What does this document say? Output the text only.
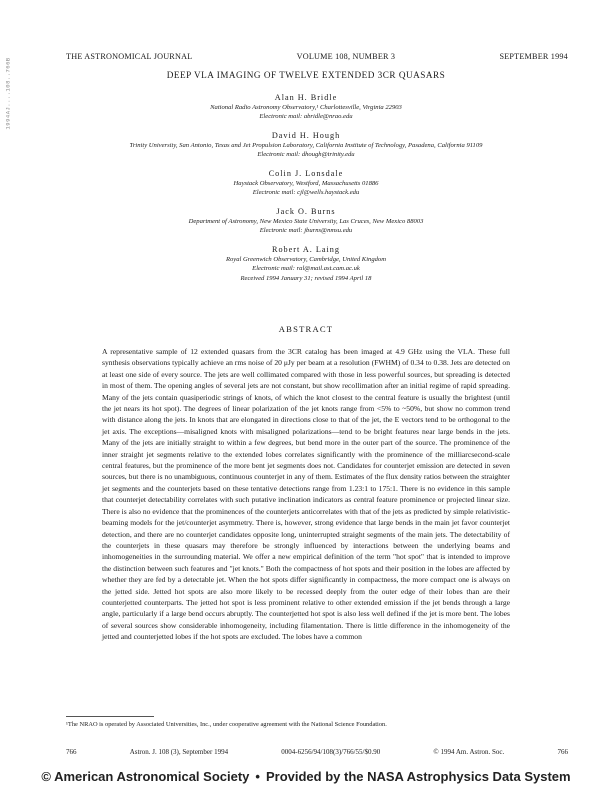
1994AJ....108..766B
THE ASTRONOMICAL JOURNAL	VOLUME 108, NUMBER 3	SEPTEMBER 1994
DEEP VLA IMAGING OF TWELVE EXTENDED 3CR QUASARS
Alan H. Bridle
National Radio Astronomy Observatory,¹ Charlottesville, Virginia 22903
Electronic mail: abridle@nrao.edu
David H. Hough
Trinity University, San Antonio, Texas and Jet Propulsion Laboratory, California Institute of Technology, Pasadena, California 91109
Electronic mail: dhough@trinity.edu
Colin J. Lonsdale
Haystack Observatory, Westford, Massachusetts 01886
Electronic mail: cjl@wells.haystack.edu
Jack O. Burns
Department of Astronomy, New Mexico State University, Las Cruces, New Mexico 88003
Electronic mail: jburns@nmsu.edu
Robert A. Laing
Royal Greenwich Observatory, Cambridge, United Kingdom
Electronic mail: ral@mail.ast.cam.ac.uk
Received 1994 January 31; revised 1994 April 18
ABSTRACT

A representative sample of 12 extended quasars from the 3CR catalog has been imaged at 4.9 GHz using the VLA. These full synthesis observations typically achieve an rms noise of 20 μJy per beam at a resolution (FWHM) of 0.34 to 0.38. Jets are detected on at least one side of every source. The jets are well collimated compared with those in less powerful sources, but spreading is detected in most of them. The opening angles of several jets are not constant, but show recollimation after an initial regime of rapid spreading. Many of the jets contain quasiperiodic strings of knots, of which the knot closest to the central feature is usually the brightest (until the jet nears its hot spot). The degrees of linear polarization of the jet knots range from <5% to ~50%, but show no common trend with distance along the jets. In knots that are elongated in directions close to that of the jet, the E vectors tend to be orthogonal to the jet axis. The exceptions—misaligned knots with misaligned polarizations—tend to be bright features near large bends in the jets. Many of the jets are initially straight to within a few degrees, but bend more in the outer part of the source. The prominence of the inner straight jet segments relative to the extended lobes correlates significantly with the prominence of the milliarcsecond-scale central features, but the prominence of the more bent jet segments does not. Candidates for counterjet emission are detected in seven sources, but there is no unambiguous, continuous counterjet in any of them. Estimates of the flux density ratios between the straighter jet segments and the counterjets based on these tentative detections range from 1.23:1 to 175:1. There is no evidence in this sample that counterjet detectability correlates with such putative inclination indicators as central feature prominence or projected linear size. There is also no evidence that the prominences of the counterjets anticorrelates with that of the jets as predicted by simple relativistic-beaming models for the jet/counterjet asymmetry. There is, however, strong evidence that large bends in the main jet favor counterjet detection, and there are no counterjet candidates opposite long, uninterrupted straight segments of the main jets. The detectability of the counterjets in these quasars may therefore be strongly influenced by interactions between the underlying beams and inhomogeneities in the surrounding material. We offer a new empirical definition of the term "hot spot" that is intended to improve the distinction between such features and "jet knots." Both the compactness of hot spots and their position in the lobes are affected by whether they are fed by a detectable jet. When the hot spots differ significantly in compactness, the more compact one is always on the jetted side. Jetted hot spots are also more likely to be recessed deeply from the outer edge of their lobes than are their counterjetted counterparts. The jetted hot spot is less prominent relative to other extended emission if the jet bends through a large angle, particularly if a large bend occurs abruptly. The counterjetted hot spot is also less well defined if the jet is more bent. The lobes of several sources show considerable inhomogeneity, including filamentation. There is little difference in the inhomogeneity of the jetted and counterjetted lobes if the hot spots are excluded. The lobes have a common

¹The NRAO is operated by Associated Universities, Inc., under cooperative agreement with the National Science Foundation.
766	Astron. J. 108 (3), September 1994	0004-6256/94/108(3)/766/55/$0.90	© 1994 Am. Astron. Soc.	766
© American Astronomical Society • Provided by the NASA Astrophysics Data System
